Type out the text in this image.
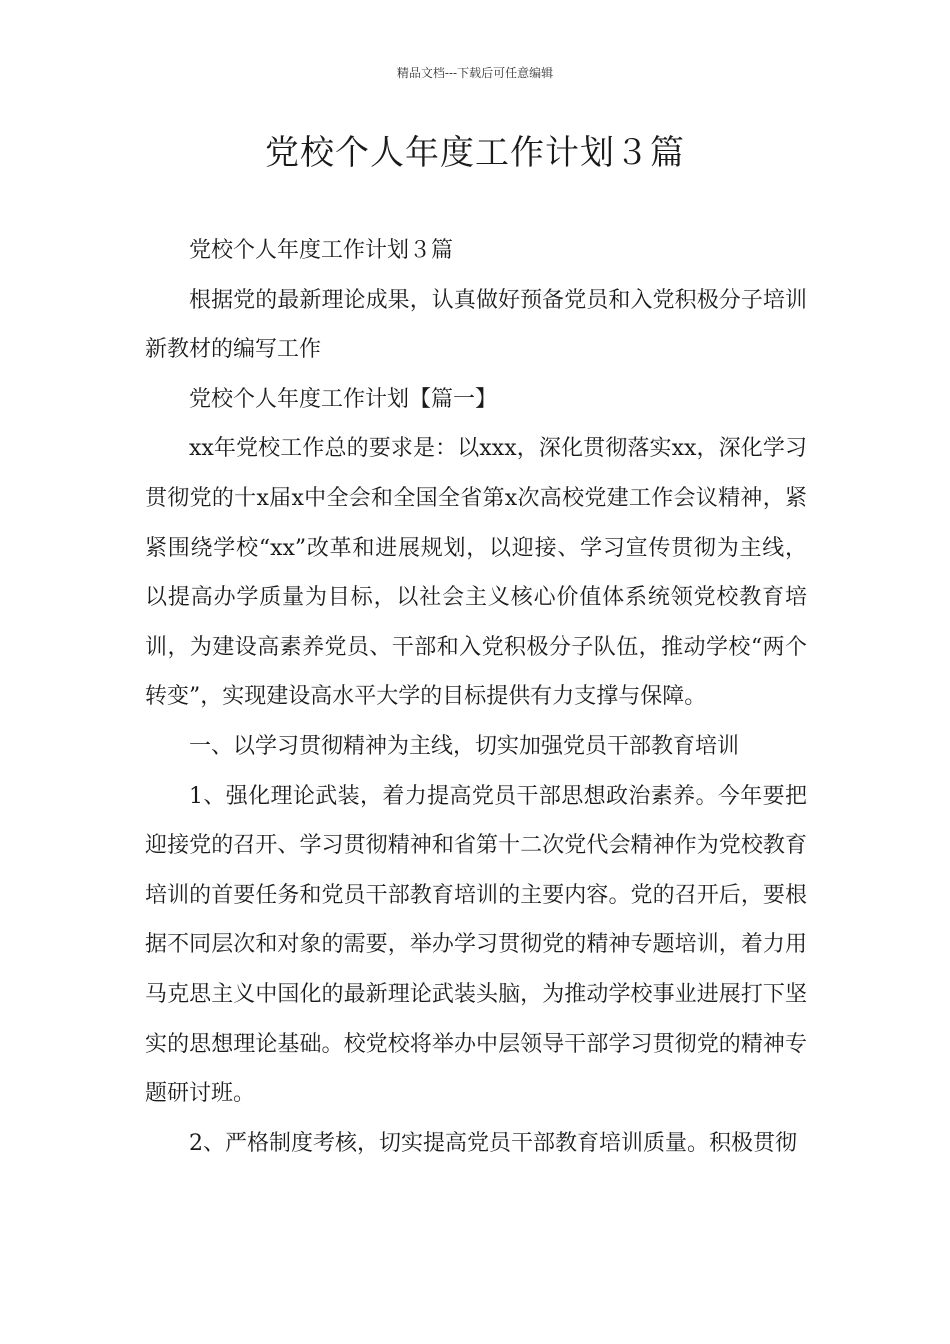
精品文档---下载后可任意编辑
党校个人年度工作计划３篇

党校个人年度工作计划３篇

根据党的最新理论成果，认真做好预备党员和入党积极分子培训新教材的编写工作

党校个人年度工作计划【篇一】

xx年党校工作总的要求是：以xxx，深化贯彻落实xx，深化学习贯彻党的十x届x中全会和全国全省第x次高校党建工作会议精神，紧紧围绕学校“xx”改革和进展规划，以迎接、学习宣传贯彻为主线，以提高办学质量为目标，以社会主义核心价值体系统领党校教育培训，为建设高素养党员、干部和入党积极分子队伍，推动学校“两个转变”，实现建设高水平大学的目标提供有力支撑与保障。

一、以学习贯彻精神为主线，切实加强党员干部教育培训

1、强化理论武装，着力提高党员干部思想政治素养。今年要把迎接党的召开、学习贯彻精神和省第十二次党代会精神作为党校教育培训的首要任务和党员干部教育培训的主要内容。党的召开后，要根据不同层次和对象的需要，举办学习贯彻党的精神专题培训，着力用马克思主义中国化的最新理论武装头脑，为推动学校事业进展打下坚实的思想理论基础。校党校将举办中层领导干部学习贯彻党的精神专题研讨班。

2、严格制度考核，切实提高党员干部教育培训质量。积极贯彻
